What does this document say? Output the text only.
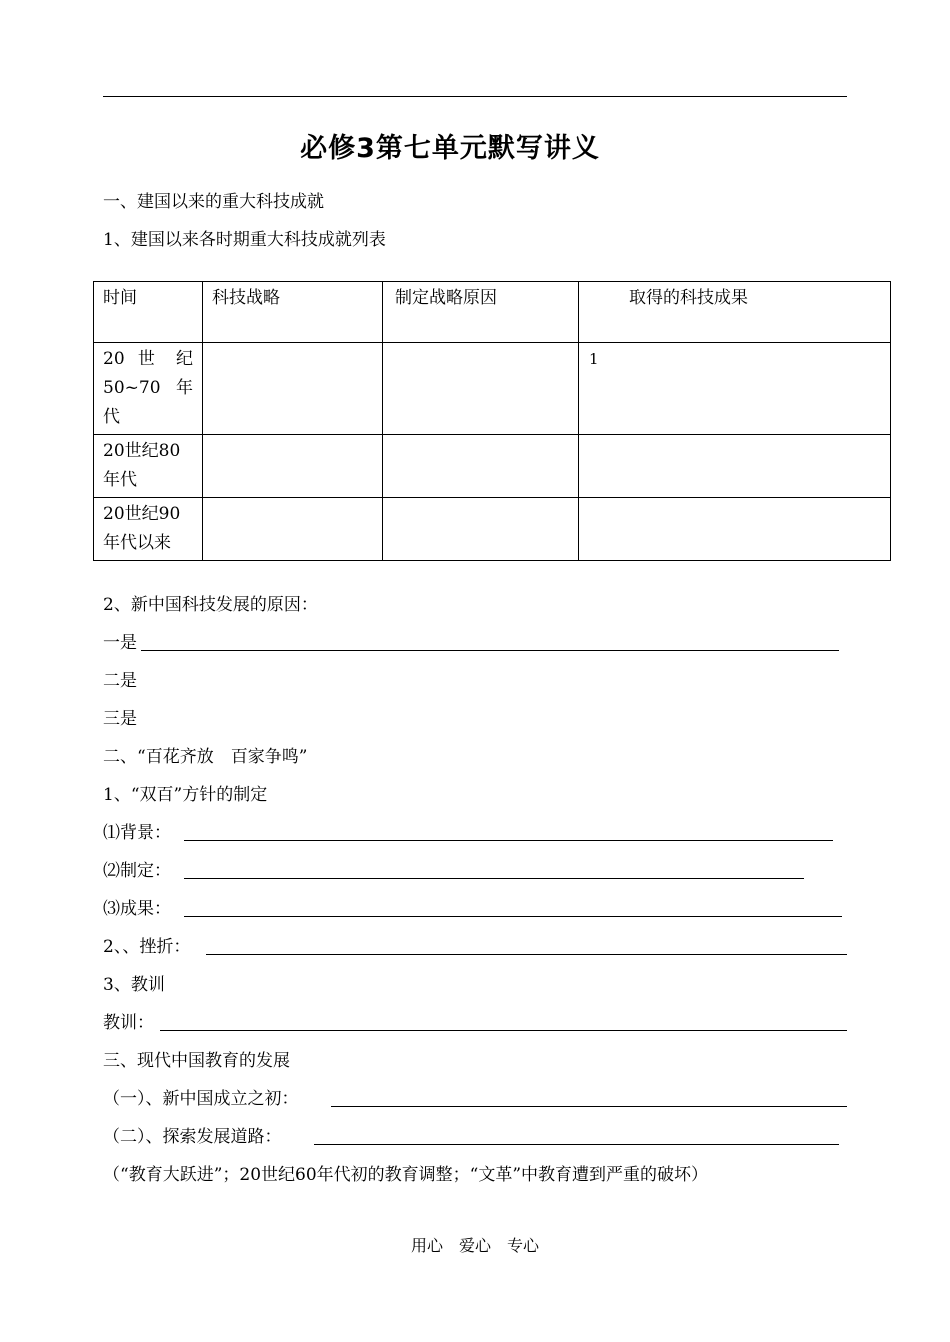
必修3第七单元默写讲义
一、建国以来的重大科技成就
1、建国以来各时期重大科技成就列表
时间	科技战略	制定战略原因	取得的科技成果
20 世 纪 50~70 年代			1
20世纪80年代			
20世纪90年代以来			
2、新中国科技发展的原因：
一是
二是
三是
二、“百花齐放　百家争鸣”
1、“双百”方针的制定
⑴背景：
⑵制定：
⑶成果：
2、、挫折：
3、教训
教训：
三、现代中国教育的发展
（一）、新中国成立之初：
（二）、探索发展道路：
（“教育大跃进”；20世纪60年代初的教育调整；“文革”中教育遭到严重的破坏）
用心　爱心　专心
